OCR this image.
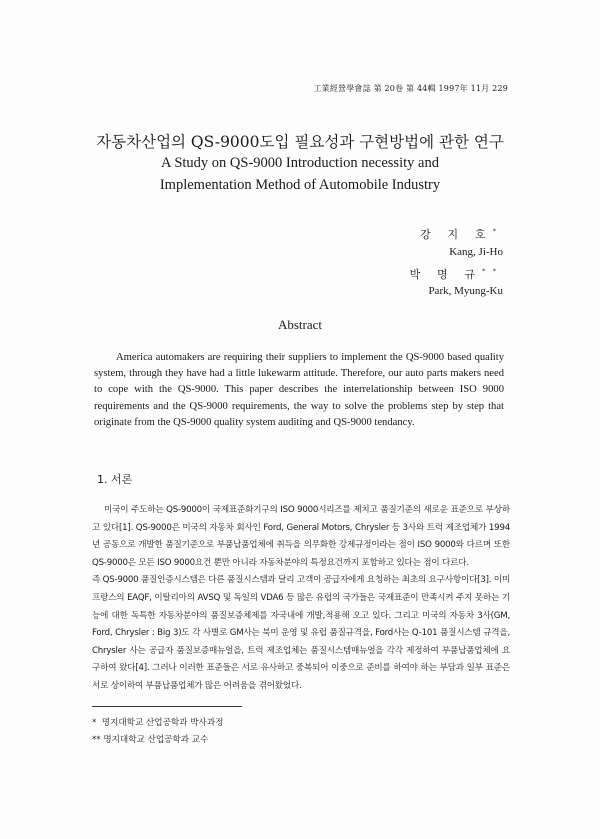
工業經營學會誌 第 20卷 第 44輯 1997年 11月 229
자동차산업의 QS-9000도입 필요성과 구현방법에 관한 연구
A Study on QS-9000 Introduction necessity and
Implementation Method of Automobile Industry
강 지 호*
Kang, Ji-Ho
박 명 규**
Park, Myung-Ku
Abstract
America automakers are requiring their suppliers to implement the QS-9000 based quality system, through they have had a little lukewarm attitude. Therefore, our auto parts makers need to cope with the QS-9000. This paper describes the interrelationship between ISO 9000 requirements and the QS-9000 requirements, the way to solve the problems step by step that originate from the QS-9000 quality system auditing and QS-9000 tendancy.
1. 서론

미국이 주도하는 QS-9000이 국제표준화기구의 ISO 9000시리즈를 제치고 품질기준의 새로운 표준으로 부상하고 있다[1]. QS-9000은 미국의 자동차 회사인 Ford, General Motors, Chrysler 등 3사와 트럭 제조업체가 1994년 공동으로 개발한 품질기준으로 부품납품업체에 취득을 의무화한 강제규정이라는 점이 ISO 9000와 다르며 또한 QS-9000은 모든 ISO 9000요건 뿐만 아니라 자동차분야의 특정요건까지 포함하고 있다는 점이 다르다.

즉 QS-9000 품질인증시스템은 다른 품질시스템과 달리 고객이 공급자에게 요청하는 최초의 요구사항이다[3]. 이미 프랑스의 EAQF, 이탈리아의 AVSQ 및 독일의 VDA6 등 많은 유럽의 국가들은 국제표준이 만족시켜 주지 못하는 기능에 대한 독특한 자동차분야의 품질보증체제를 자국내에 개발,적용해 오고 있다. 그리고 미국의 자동차 3사(GM, Ford, Chrysler : Big 3)도 각 사별로 GM사는 북미 운영 및 유럽 품질규격을, Ford사는 Q-101 품질시스템 규격을, Chrysler 사는 공급자 품질보증매뉴얼을, 트럭 제조업체는 품질시스템매뉴얼을 각각 제정하여 부품납품업체에 요구하여 왔다[4]. 그러나 이러한 표준들은 서로 유사하고 중복되어 이중으로 준비를 하여야 하는 부담과 일부 표준은 서로 상이하여 부품납품업체가 많은 어려움을 겪어왔었다.

* 명지대학교 산업공학과 박사과정
** 명지대학교 산업공학과 교수
